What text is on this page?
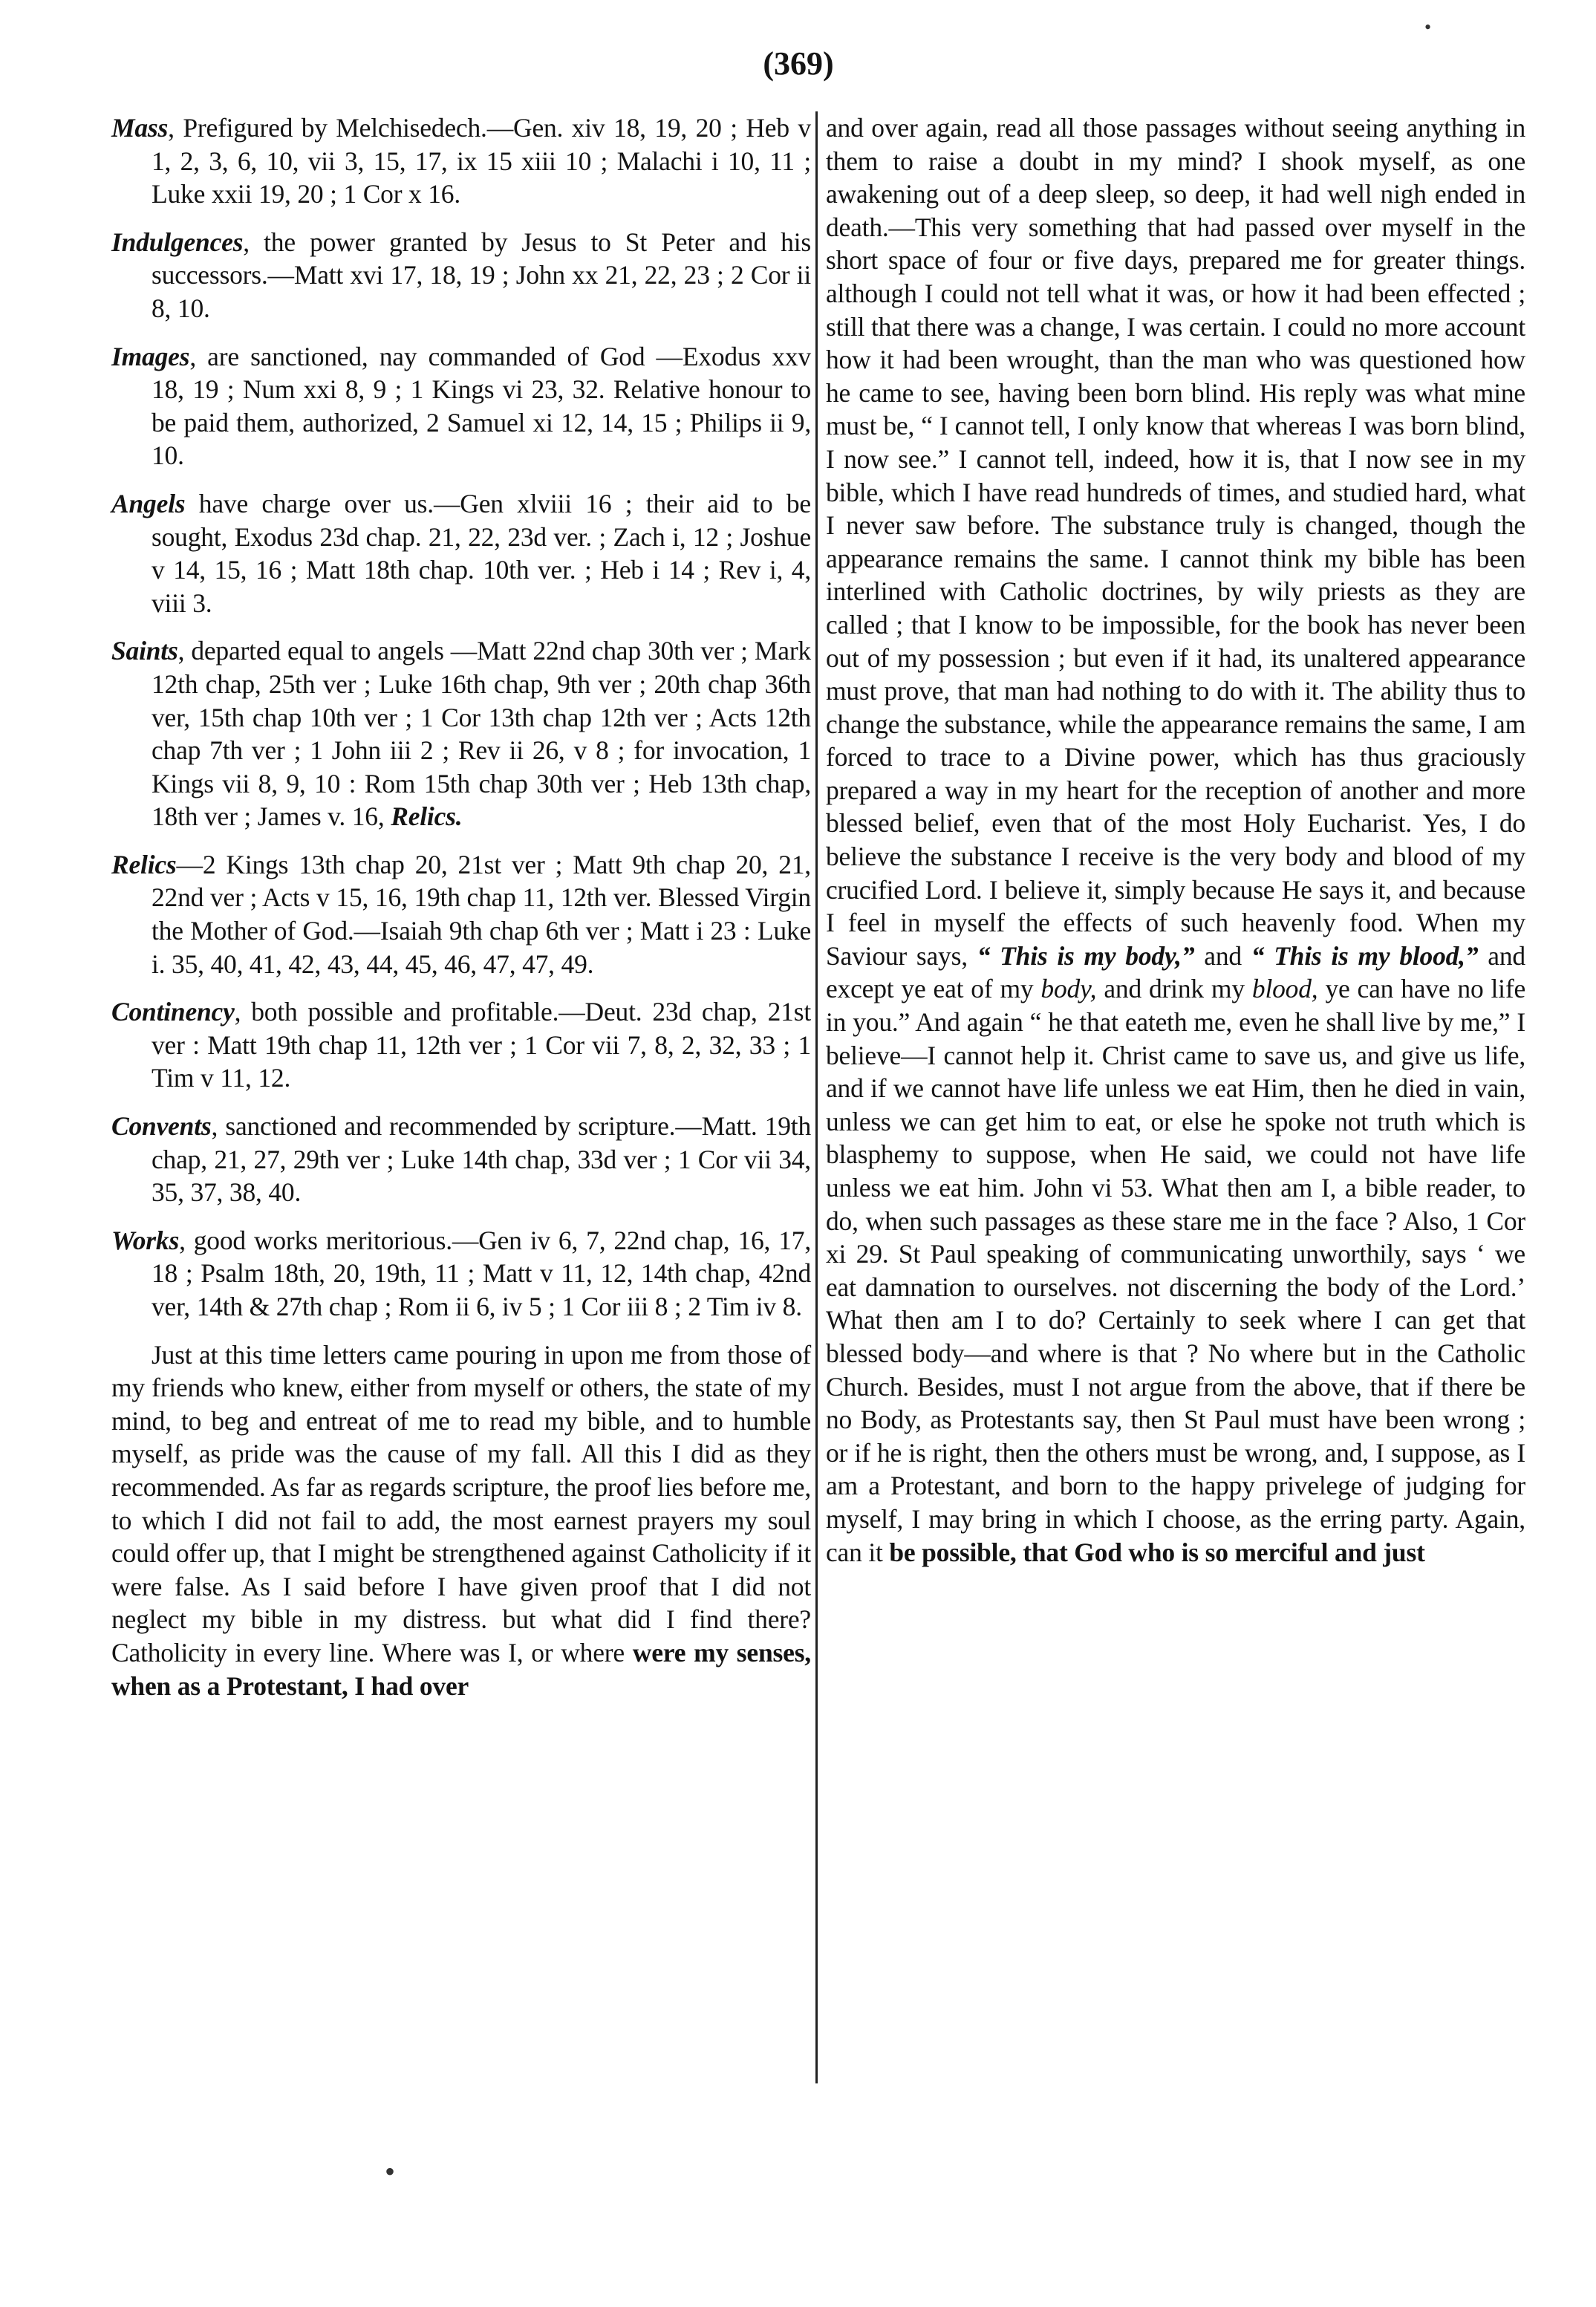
(369)

Mass, Prefigured by Melchisedech.—Gen. xiv 18, 19, 20 ; Heb v 1, 2, 3, 6, 10, vii 3, 15, 17, ix 15 xiii 10 ; Malachi i 10, 11 ; Luke xxii 19, 20 ; 1 Cor x 16.

Indulgences, the power granted by Jesus to St Peter and his successors.—Matt xvi 17, 18, 19 ; John xx 21, 22, 23 ; 2 Cor ii 8, 10.

Images, are sanctioned, nay commanded of God —Exodus xxv 18, 19 ; Num xxi 8, 9 ; 1 Kings vi 23, 32. Relative honour to be paid them, authorized, 2 Samuel xi 12, 14, 15 ; Philips ii 9, 10.

Angels have charge over us.—Gen xlviii 16 ; their aid to be sought, Exodus 23d chap. 21, 22, 23d ver. ; Zach i, 12 ; Joshue v 14, 15, 16 ; Matt 18th chap. 10th ver. ; Heb i 14 ; Rev i, 4, viii 3.

Saints, departed equal to angels —Matt 22nd chap 30th ver ; Mark 12th chap, 25th ver ; Luke 16th chap, 9th ver ; 20th chap 36th ver, 15th chap 10th ver ; 1 Cor 13th chap 12th ver ; Acts 12th chap 7th ver ; 1 John iii 2 ; Rev ii 26, v 8 ; for invocation, 1 Kings vii 8, 9, 10 : Rom 15th chap 30th ver ; Heb 13th chap, 18th ver ; James v. 16, Relics.

Relics—2 Kings 13th chap 20, 21st ver ; Matt 9th chap 20, 21, 22nd ver ; Acts v 15, 16, 19th chap 11, 12th ver. Blessed Virgin the Mother of God.—Isaiah 9th chap 6th ver ; Matt i 23 : Luke i. 35, 40, 41, 42, 43, 44, 45, 46, 47, 47, 49.

Continency, both possible and profitable.—Deut. 23d chap, 21st ver : Matt 19th chap 11, 12th ver ; 1 Cor vii 7, 8, 2, 32, 33 ; 1 Tim v 11, 12.

Convents, sanctioned and recommended by scripture.—Matt. 19th chap, 21, 27, 29th ver ; Luke 14th chap, 33d ver ; 1 Cor vii 34, 35, 37, 38, 40.

Works, good works meritorious.—Gen iv 6, 7, 22nd chap, 16, 17, 18 ; Psalm 18th, 20, 19th, 11 ; Matt v 11, 12, 14th chap, 42nd ver, 14th & 27th chap ; Rom ii 6, iv 5 ; 1 Cor iii 8 ; 2 Tim iv 8.

Just at this time letters came pouring in upon me from those of my friends who knew, either from myself or others, the state of my mind, to beg and entreat of me to read my bible, and to humble myself, as pride was the cause of my fall. All this I did as they recommended. As far as regards scripture, the proof lies before me, to which I did not fail to add, the most earnest prayers my soul could offer up, that I might be strengthened against Catholicity if it were false. As I said before I have given proof that I did not neglect my bible in my distress. but what did I find there? Catholicity in every line. Where was I, or where were my senses, when as a Protestant, I had over

and over again, read all those passages without seeing anything in them to raise a doubt in my mind? I shook myself, as one awakening out of a deep sleep, so deep, it had well nigh ended in death.—This very something that had passed over myself in the short space of four or five days, prepared me for greater things. although I could not tell what it was, or how it had been effected ; still that there was a change, I was certain. I could no more account how it had been wrought, than the man who was questioned how he came to see, having been born blind. His reply was what mine must be, “ I cannot tell, I only know that whereas I was born blind, I now see.” I cannot tell, indeed, how it is, that I now see in my bible, which I have read hundreds of times, and studied hard, what I never saw before. The substance truly is changed, though the appearance remains the same. I cannot think my bible has been interlined with Catholic doctrines, by wily priests as they are called ; that I know to be impossible, for the book has never been out of my possession ; but even if it had, its unaltered appearance must prove, that man had nothing to do with it. The ability thus to change the substance, while the appearance remains the same, I am forced to trace to a Divine power, which has thus graciously prepared a way in my heart for the reception of another and more blessed belief, even that of the most Holy Eucharist. Yes, I do believe the substance I receive is the very body and blood of my crucified Lord. I believe it, simply because He says it, and because I feel in myself the effects of such heavenly food. When my Saviour says, “ This is my body,” and “ This is my blood,” and except ye eat of my body, and drink my blood, ye can have no life in you.” And again “ he that eateth me, even he shall live by me,” I believe—I cannot help it. Christ came to save us, and give us life, and if we cannot have life unless we eat Him, then he died in vain, unless we can get him to eat, or else he spoke not truth which is blasphemy to suppose, when He said, we could not have life unless we eat him. John vi 53. What then am I, a bible reader, to do, when such passages as these stare me in the face ? Also, 1 Cor xi 29. St Paul speaking of communicating unworthily, says ‘ we eat damnation to ourselves. not discerning the body of the Lord.’ What then am I to do? Certainly to seek where I can get that blessed body—and where is that ? No where but in the Catholic Church. Besides, must I not argue from the above, that if there be no Body, as Protestants say, then St Paul must have been wrong ; or if he is right, then the others must be wrong, and, I suppose, as I am a Protestant, and born to the happy privelege of judging for myself, I may bring in which I choose, as the erring party. Again, can it be possible, that God who is so merciful and just

•
•
